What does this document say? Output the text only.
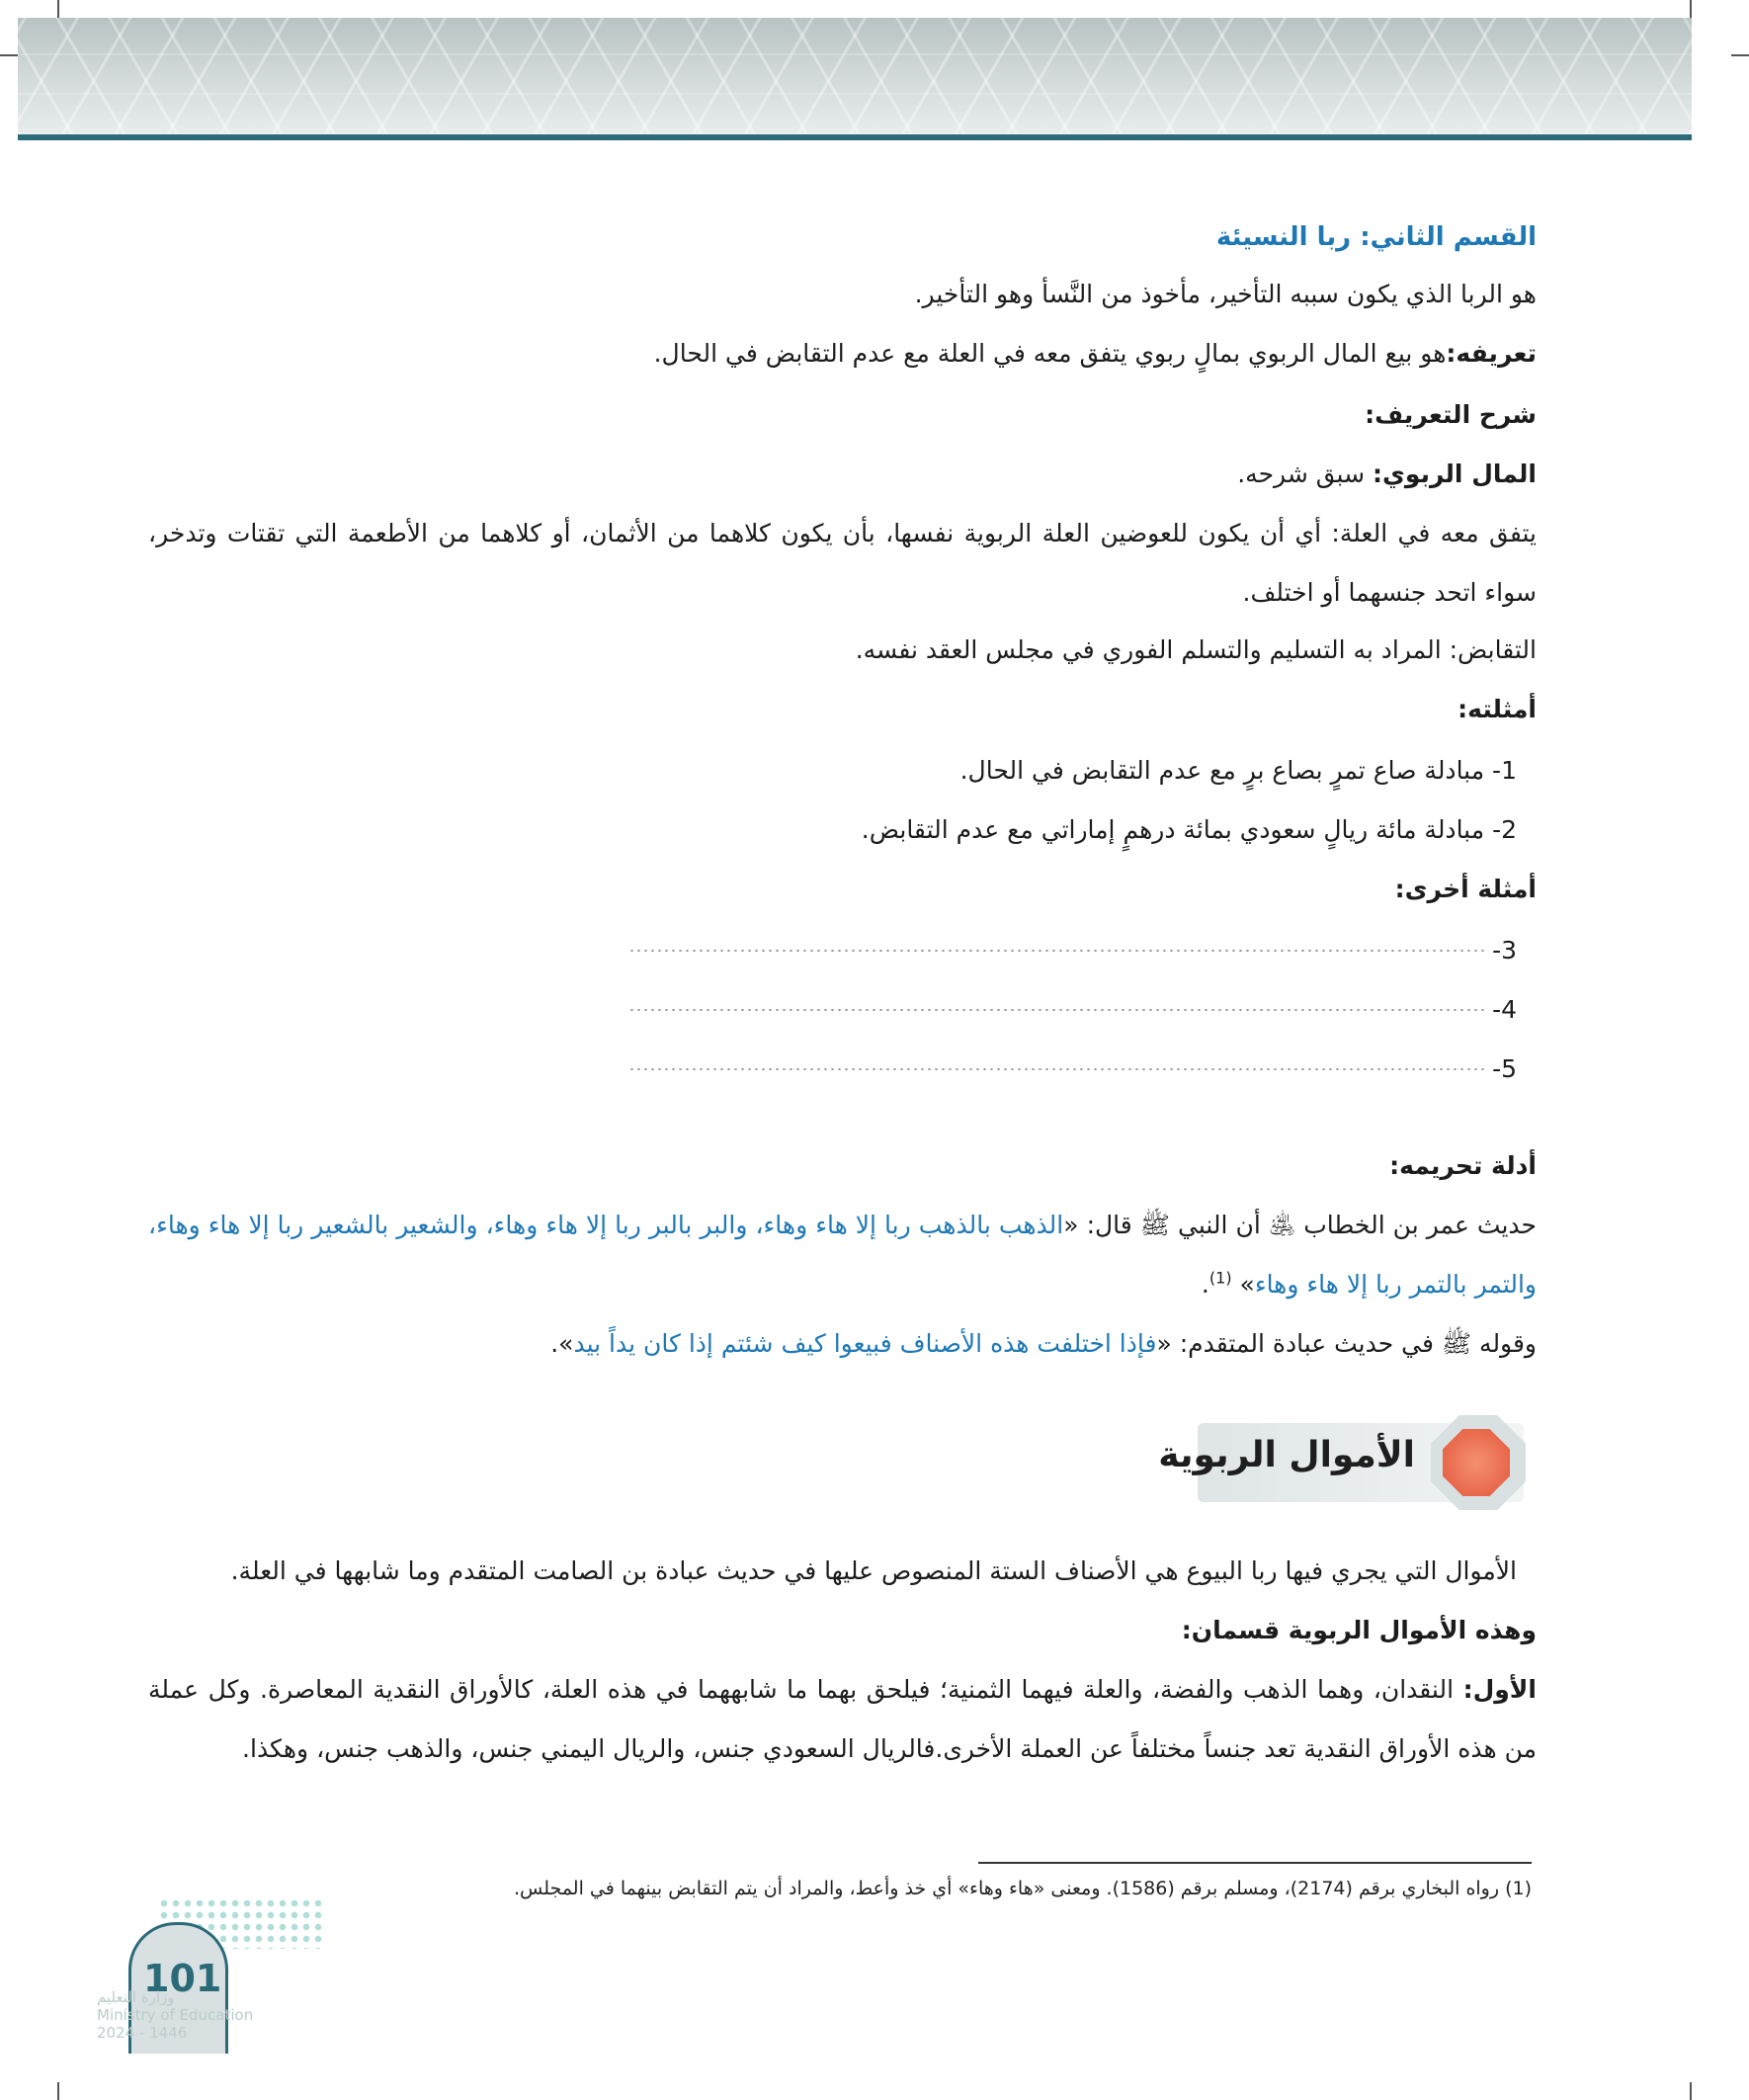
القسم الثاني: ربا النسيئة
هو الربا الذي يكون سببه التأخير، مأخوذ من النَّسأ وهو التأخير.
تعريفه:هو بيع المال الربوي بمالٍ ربوي يتفق معه في العلة مع عدم التقابض في الحال.
شرح التعريف:
المال الربوي: سبق شرحه.
يتفق معه في العلة: أي أن يكون للعوضين العلة الربوية نفسها، بأن يكون كلاهما من الأثمان، أو كلاهما من الأطعمة التي تقتات وتدخر، سواء اتحد جنسهما أو اختلف.
التقابض: المراد به التسليم والتسلم الفوري في مجلس العقد نفسه.
أمثلته:
1- مبادلة صاع تمرٍ بصاع برٍ مع عدم التقابض في الحال.
2- مبادلة مائة ريالٍ سعودي بمائة درهمٍ إماراتي مع عدم التقابض.
أمثلة أخرى:
3-
4-
5-
أدلة تحريمه:
حديث عمر بن الخطاب ﵁ أن النبي ﷺ قال: «الذهب بالذهب ربا إلا هاء وهاء، والبر بالبر ربا إلا هاء وهاء، والشعير بالشعير ربا إلا هاء وهاء، والتمر بالتمر ربا إلا هاء وهاء» $^{(1)}$.
وقوله ﷺ في حديث عبادة المتقدم: «فإذا اختلفت هذه الأصناف فبيعوا كيف شئتم إذا كان يداً بيد».
الأموال التي يجري فيها ربا البيوع هي الأصناف الستة المنصوص عليها في حديث عبادة بن الصامت المتقدم وما شابهها في العلة.
وهذه الأموال الربوية قسمان:
الأول: النقدان، وهما الذهب والفضة، والعلة فيهما الثمنية؛ فيلحق بهما ما شابههما في هذه العلة، كالأوراق النقدية المعاصرة. وكل عملة من هذه الأوراق النقدية تعد جنساً مختلفاً عن العملة الأخرى.فالريال السعودي جنس، والريال اليمني جنس، والذهب جنس، وهكذا.
الأموال الربوية
(1) رواه البخاري برقم (2174)، ومسلم برقم (1586). ومعنى «هاء وهاء» أي خذ وأعط، والمراد أن يتم التقابض بينهما في المجلس.
101
وزارة التعليم
Ministry of Education
2024 - 1446
